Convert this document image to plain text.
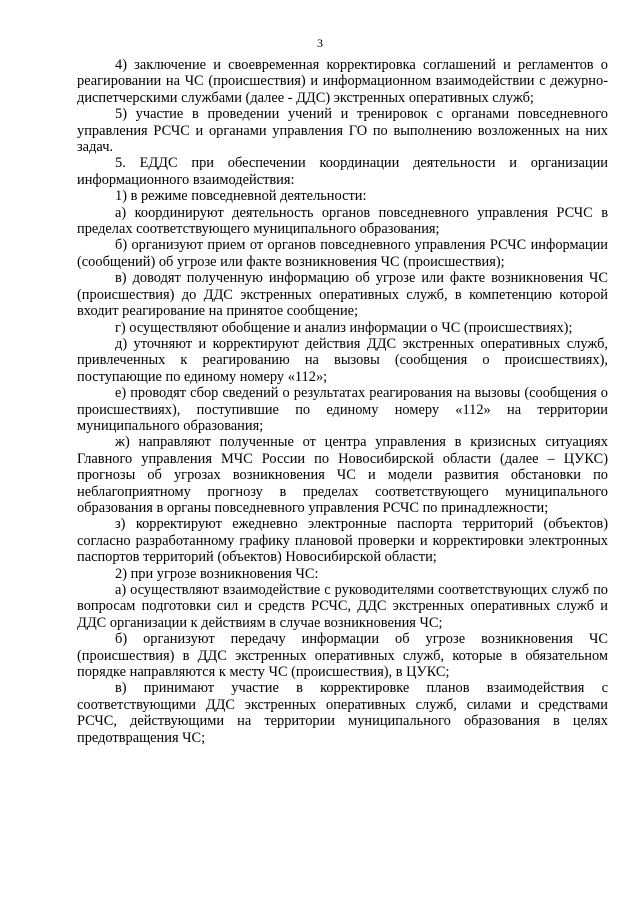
3

4) заключение и своевременная корректировка соглашений и регламентов о реагировании на ЧС (происшествия) и информационном взаимодействии с дежурно-диспетчерскими службами (далее - ДДС) экстренных оперативных служб;

5) участие в проведении учений и тренировок с органами повседневного управления РСЧС и органами управления ГО по выполнению возложенных на них задач.

5. ЕДДС при обеспечении координации деятельности и организации информационного взаимодействия:

1) в режиме повседневной деятельности:

а) координируют деятельность органов повседневного управления РСЧС в пределах соответствующего муниципального образования;

б) организуют прием от органов повседневного управления РСЧС информации (сообщений) об угрозе или факте возникновения ЧС (происшествия);

в) доводят полученную информацию об угрозе или факте возникновения ЧС (происшествия) до ДДС экстренных оперативных служб, в компетенцию которой входит реагирование на принятое сообщение;

г) осуществляют обобщение и анализ информации о ЧС (происшествиях);

д) уточняют и корректируют действия ДДС экстренных оперативных служб, привлеченных к реагированию на вызовы (сообщения о происшествиях), поступающие по единому номеру «112»;

е) проводят сбор сведений о результатах реагирования на вызовы (сообщения о происшествиях), поступившие по единому номеру «112» на территории муниципального образования;

ж) направляют полученные от центра управления в кризисных ситуациях Главного управления МЧС России по Новосибирской области (далее – ЦУКС) прогнозы об угрозах возникновения ЧС и модели развития обстановки по неблагоприятному прогнозу в пределах соответствующего муниципального образования в органы повседневного управления РСЧС по принадлежности;

з) корректируют ежедневно электронные паспорта территорий (объектов) согласно разработанному графику плановой проверки и корректировки электронных паспортов территорий (объектов) Новосибирской области;

2) при угрозе возникновения ЧС:

а) осуществляют взаимодействие с руководителями соответствующих служб по вопросам подготовки сил и средств РСЧС, ДДС экстренных оперативных служб и ДДС организации к действиям в случае возникновения ЧС;

б) организуют передачу информации об угрозе возникновения ЧС (происшествия) в ДДС экстренных оперативных служб, которые в обязательном порядке направляются к месту ЧС (происшествия), в ЦУКС;

в) принимают участие в корректировке планов взаимодействия с соответствующими ДДС экстренных оперативных служб, силами и средствами РСЧС, действующими на территории муниципального образования в целях предотвращения ЧС;
